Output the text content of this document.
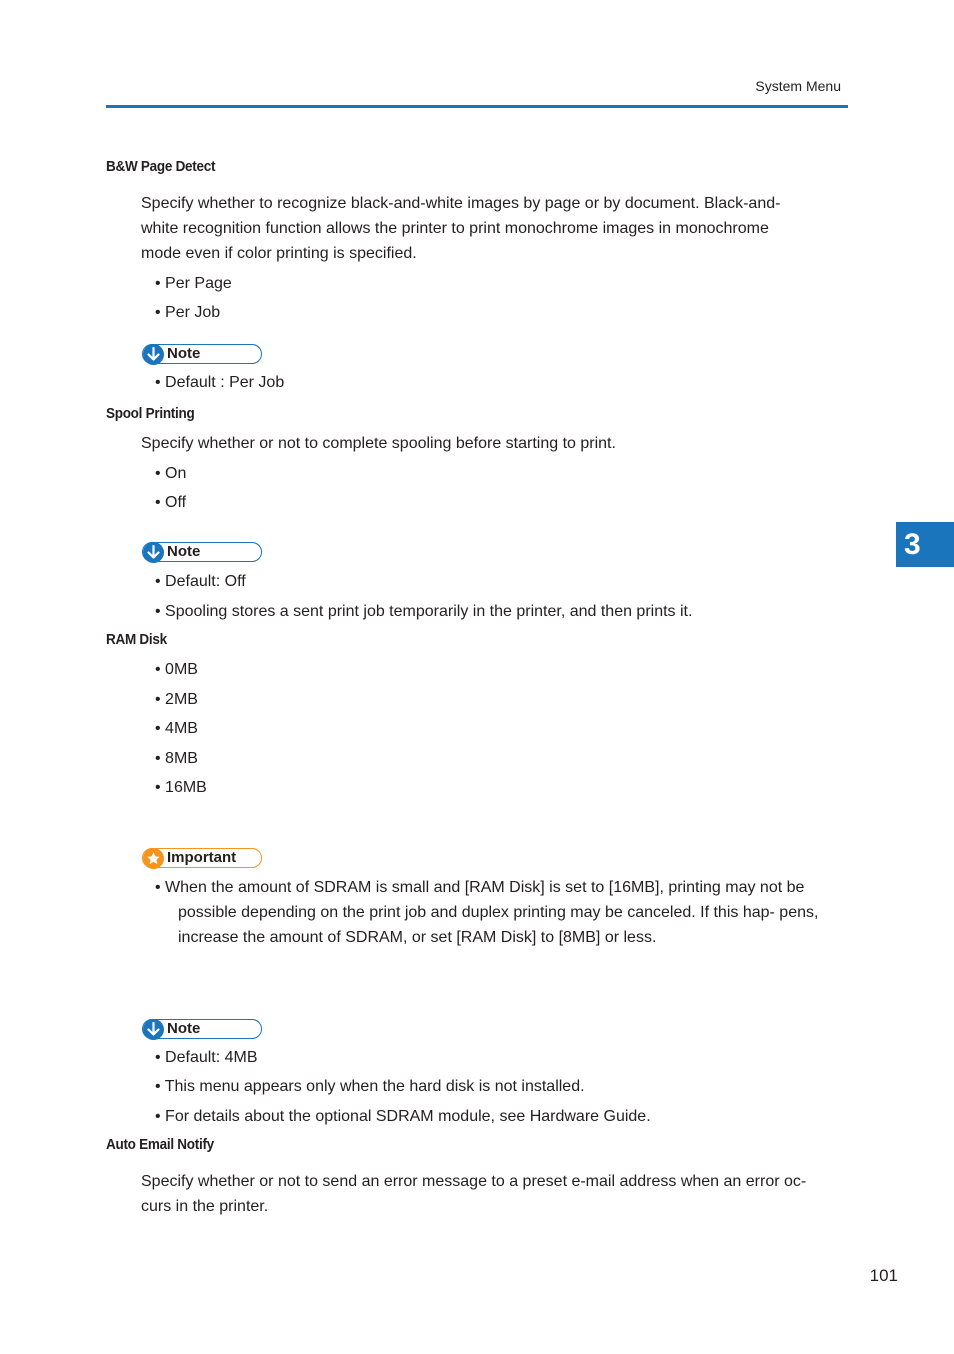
System Menu
B&W Page Detect
Specify whether to recognize black-and-white images by page or by document. Black-and-
white recognition function allows the printer to print monochrome images in monochrome
mode even if color printing is specified.
• Per Page
• Per Job
Note
• Default : Per Job
Spool Printing
Specify whether or not to complete spooling before starting to print.
• On
• Off
Note
• Default: Off
• Spooling stores a sent print job temporarily in the printer, and then prints it.
RAM Disk
• 0MB
• 2MB
• 4MB
• 8MB
• 16MB
Important
• When the amount of SDRAM is small and [RAM Disk] is set to [16MB], printing may not be possible depending on the print job and duplex printing may be canceled. If this hap- pens, increase the amount of SDRAM, or set [RAM Disk] to [8MB] or less.
Note
• Default: 4MB
• This menu appears only when the hard disk is not installed.
• For details about the optional SDRAM module, see Hardware Guide.
Auto Email Notify
Specify whether or not to send an error message to a preset e-mail address when an error oc-
curs in the printer.
3
101
